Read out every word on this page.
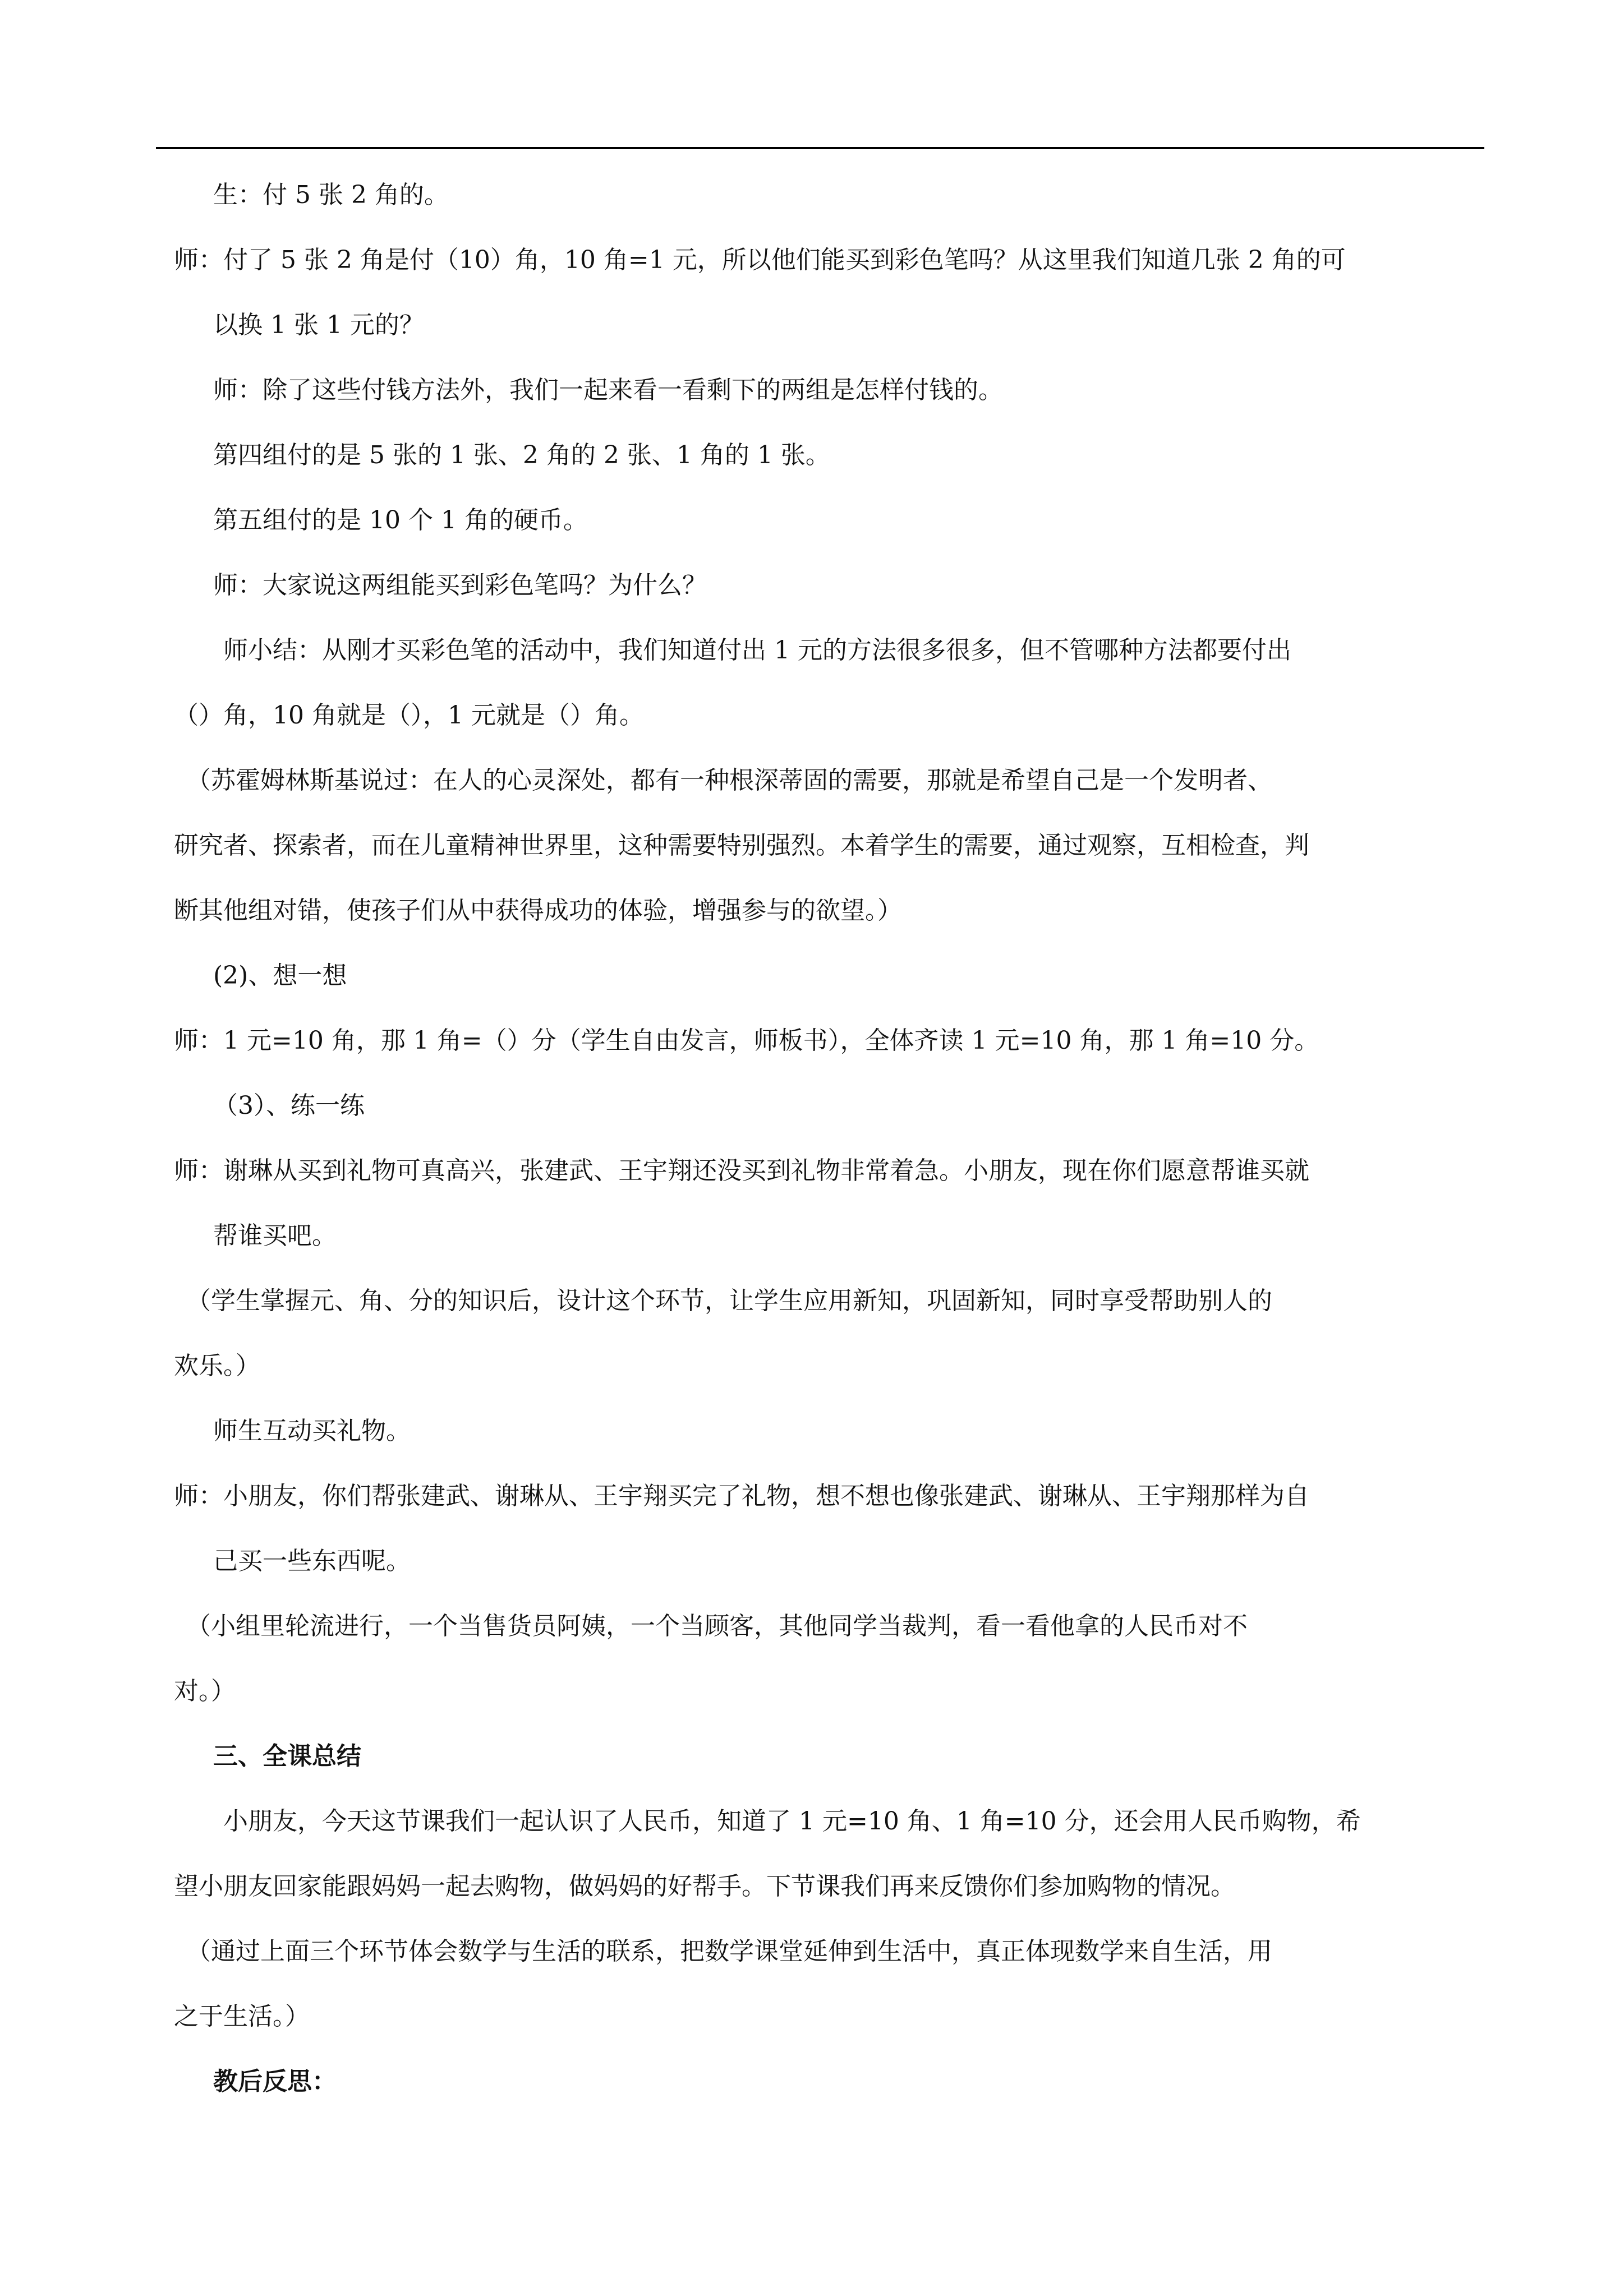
生：付 5 张 2 角的。

师：付了 5 张 2 角是付（10）角，10 角=1 元，所以他们能买到彩色笔吗？从这里我们知道几张 2 角的可

以换 1 张 1 元的？

师：除了这些付钱方法外，我们一起来看一看剩下的两组是怎样付钱的。

第四组付的是 5 张的 1 张、2 角的 2 张、1 角的 1 张。

第五组付的是 10 个 1 角的硬币。

师：大家说这两组能买到彩色笔吗？为什么？

　　师小结：从刚才买彩色笔的活动中，我们知道付出 1 元的方法很多很多，但不管哪种方法都要付出

（）角，10 角就是（），1 元就是（）角。

　（苏霍姆林斯基说过：在人的心灵深处，都有一种根深蒂固的需要，那就是希望自己是一个发明者、

研究者、探索者，而在儿童精神世界里，这种需要特别强烈。本着学生的需要，通过观察，互相检查，判

断其他组对错，使孩子们从中获得成功的体验，增强参与的欲望。）

(2)、想一想

师：1 元=10 角，那 1 角=（）分（学生自由发言，师板书），全体齐读 1 元=10 角，那 1 角=10 分。

（3）、练一练

师：谢琳从买到礼物可真高兴，张建武、王宇翔还没买到礼物非常着急。小朋友，现在你们愿意帮谁买就

帮谁买吧。

　（学生掌握元、角、分的知识后，设计这个环节，让学生应用新知，巩固新知，同时享受帮助别人的

欢乐。）

师生互动买礼物。

师：小朋友，你们帮张建武、谢琳从、王宇翔买完了礼物，想不想也像张建武、谢琳从、王宇翔那样为自

己买一些东西呢。

　（小组里轮流进行，一个当售货员阿姨，一个当顾客，其他同学当裁判，看一看他拿的人民币对不

对。）

三、全课总结

　　小朋友，今天这节课我们一起认识了人民币，知道了 1 元=10 角、1 角=10 分，还会用人民币购物，希

望小朋友回家能跟妈妈一起去购物，做妈妈的好帮手。下节课我们再来反馈你们参加购物的情况。

　（通过上面三个环节体会数学与生活的联系，把数学课堂延伸到生活中，真正体现数学来自生活，用

之于生活。）

教后反思：
